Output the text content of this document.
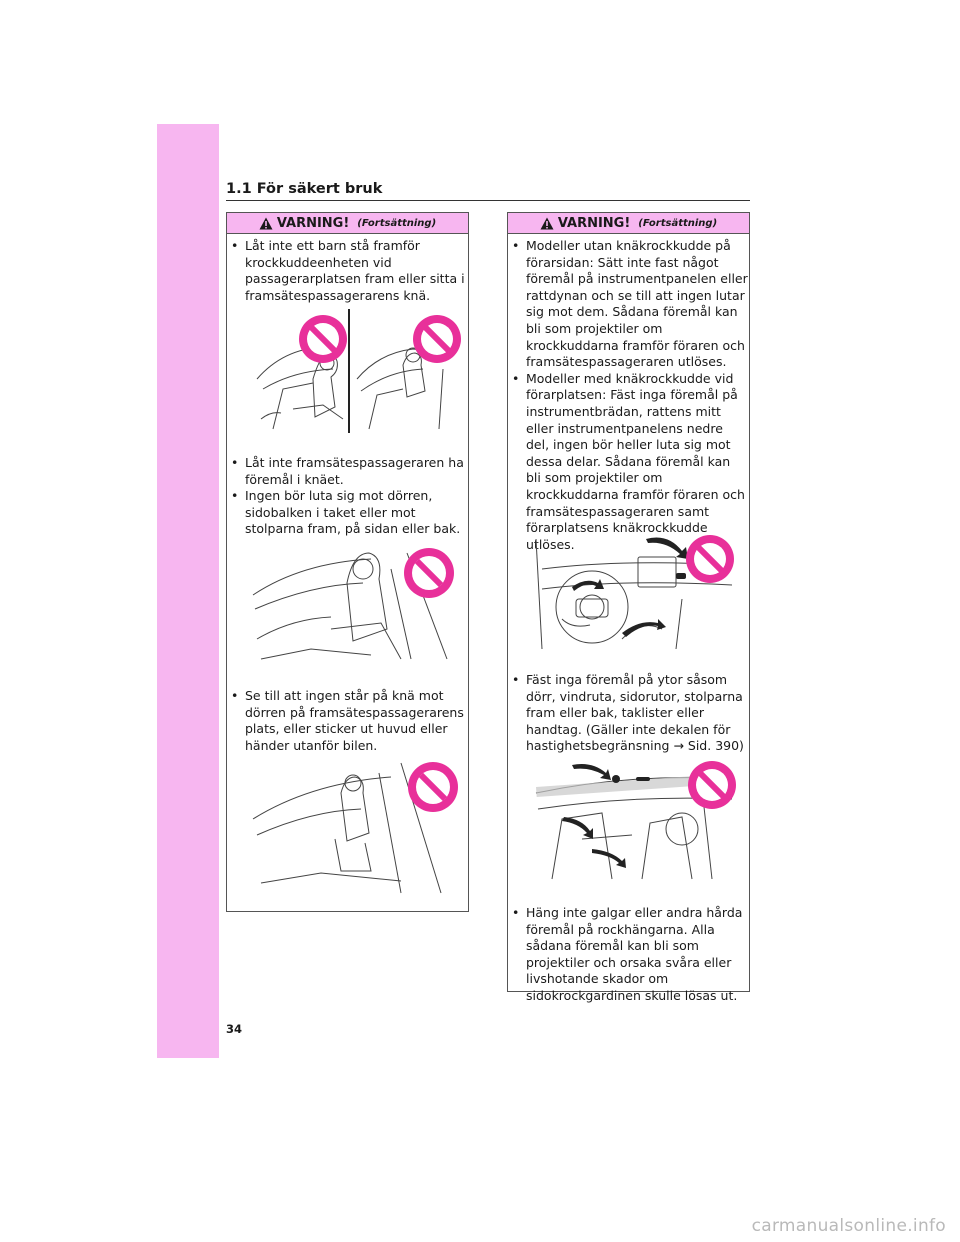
1.1 För säkert bruk
VARNING! (Fortsättning)
• Låt inte ett barn stå framför krockkuddeenheten vid passagerarplatsen fram eller sitta i framsätespassagerarens knä.
• Låt inte framsätespassageraren ha föremål i knäet.
• Ingen bör luta sig mot dörren, sidobalken i taket eller mot stolparna fram, på sidan eller bak.
• Se till att ingen står på knä mot dörren på framsätespassagerarens plats, eller sticker ut huvud eller händer utanför bilen.
VARNING! (Fortsättning)
• Modeller utan knäkrockkudde på förarsidan: Sätt inte fast något föremål på instrumentpanelen eller rattdynan och se till att ingen lutar sig mot dem. Sådana föremål kan bli som projektiler om krockkuddarna framför föraren och framsätespassageraren utlöses.
• Modeller med knäkrockkudde vid förarplatsen: Fäst inga föremål på instrumentbrädan, rattens mitt eller instrumentpanelens nedre del, ingen bör heller luta sig mot dessa delar. Sådana föremål kan bli som projektiler om krockkuddarna framför föraren och framsätespassageraren samt förarplatsens knäkrockkudde utlöses.
• Fäst inga föremål på ytor såsom dörr, vindruta, sidorutor, stolparna fram eller bak, taklister eller handtag. (Gäller inte dekalen för hastighetsbegränsning → Sid. 390)
• Häng inte galgar eller andra hårda föremål på rockhängarna. Alla sådana föremål kan bli som projektiler och orsaka svåra eller livshotande skador om sidokrockgardinen skulle lösas ut.
34
carmanualsonline.info
